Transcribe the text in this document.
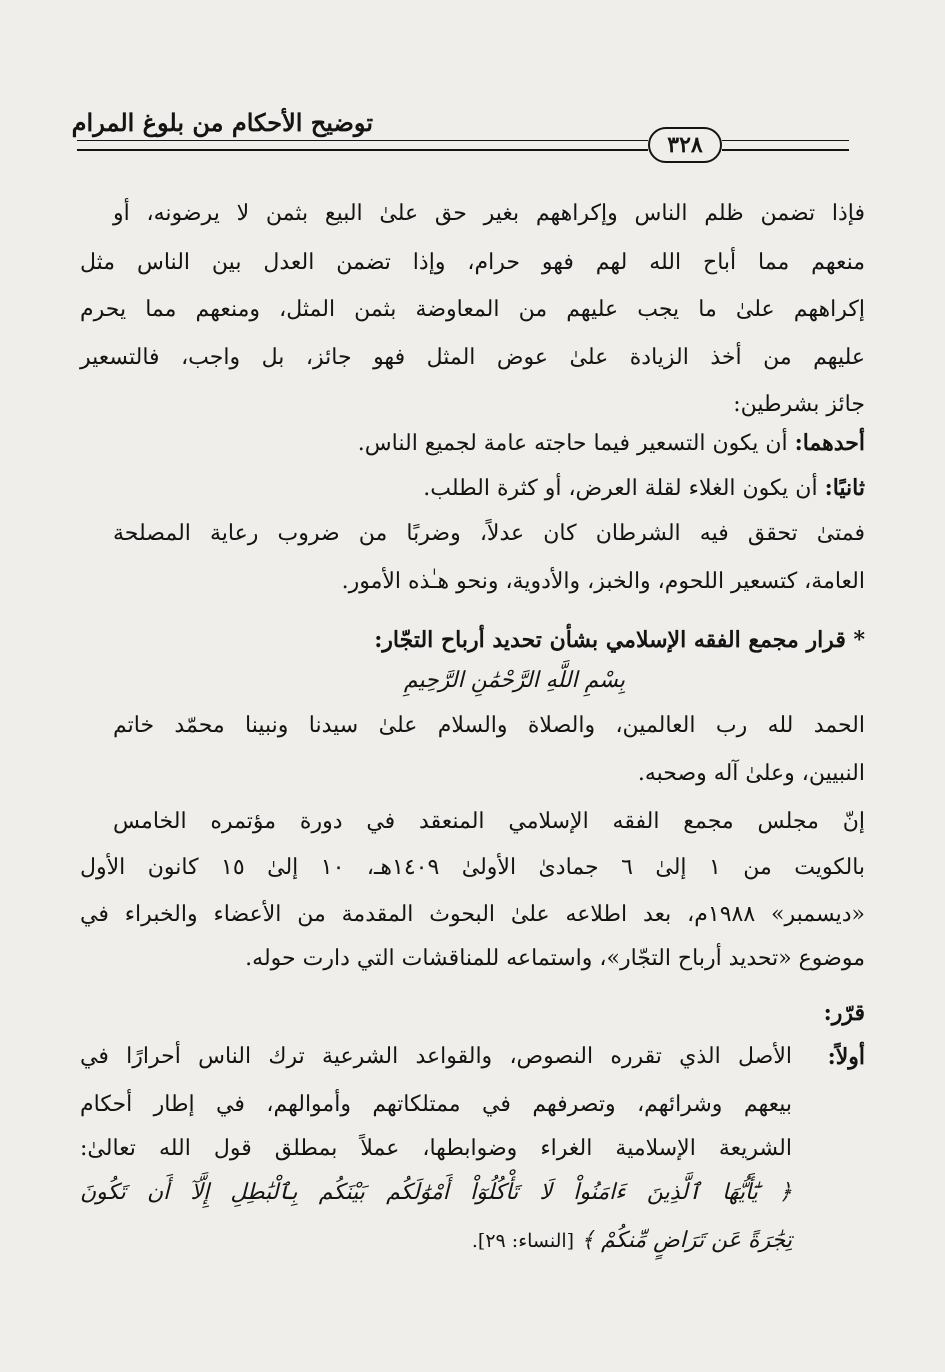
توضيح الأحكام من بلوغ المرام
٣٢٨
فإذا تضمن ظلم الناس وإكراههم بغير حق علىٰ البيع بثمن لا يرضونه، أو
منعهم مما أباح الله لهم فهو حرام، وإذا تضمن العدل بين الناس مثل
إكراههم علىٰ ما يجب عليهم من المعاوضة بثمن المثل، ومنعهم مما يحرم
عليهم من أخذ الزيادة علىٰ عوض المثل فهو جائز، بل واجب، فالتسعير
جائز بشرطين:
أحدهما: أن يكون التسعير فيما حاجته عامة لجميع الناس.
ثانيًا: أن يكون الغلاء لقلة العرض، أو كثرة الطلب.
فمتىٰ تحقق فيه الشرطان كان عدلاً، وضربًا من ضروب رعاية المصلحة
العامة، كتسعير اللحوم، والخبز، والأدوية، ونحو هـٰذه الأمور.
* قرار مجمع الفقه الإسلامي بشأن تحديد أرباح التجّار:
بِسْمِ اللَّهِ الرَّحْمَٰنِ الرَّحِيمِ
الحمد لله رب العالمين، والصلاة والسلام علىٰ سيدنا ونبينا محمّد خاتم
النبيين، وعلىٰ آله وصحبه.
إنّ مجلس مجمع الفقه الإسلامي المنعقد في دورة مؤتمره الخامس
بالكويت من ١ إلىٰ ٦ جمادىٰ الأولىٰ ١٤٠٩هـ، ١٠ إلىٰ ١٥ كانون الأول
«ديسمبر» ١٩٨٨م، بعد اطلاعه علىٰ البحوث المقدمة من الأعضاء والخبراء في
موضوع «تحديد أرباح التجّار»، واستماعه للمناقشات التي دارت حوله.
قرّر:
أولاً:
الأصل الذي تقرره النصوص، والقواعد الشرعية ترك الناس أحرارًا في
بيعهم وشرائهم، وتصرفهم في ممتلكاتهم وأموالهم، في إطار أحكام
الشريعة الإسلامية الغراء وضوابطها، عملاً بمطلق قول الله تعالىٰ:
﴿ يَٰٓأَيُّهَا ٱلَّذِينَ ءَامَنُواْ لَا تَأْكُلُوٓاْ أَمْوَٰلَكُم بَيْنَكُم بِٱلْبَٰطِلِ إِلَّآ أَن تَكُونَ
تِجَٰرَةً عَن تَرَاضٍ مِّنكُمْ ﴾ [النساء: ٢٩].
